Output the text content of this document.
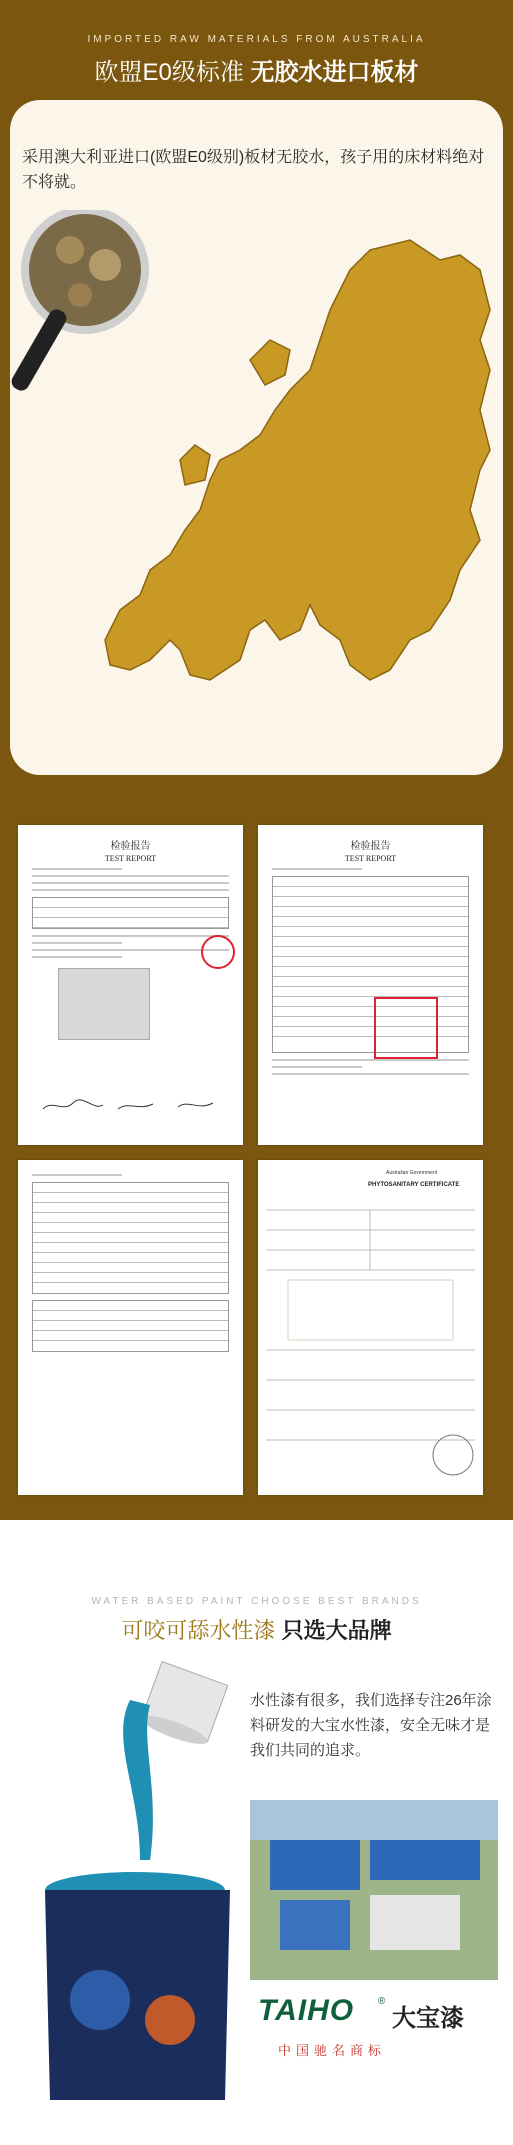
IMPORTED RAW MATERIALS FROM AUSTRALIA
欧盟E0级标准 无胶水进口板材
采用澳大利亚进口(欧盟E0级别)板材无胶水，孩子用的床材料绝对不将就。
检验报告
TEST REPORT
检验报告
TEST REPORT
Australian Government
PHYTOSANITARY CERTIFICATE
WATER BASED PAINT CHOOSE BEST BRANDS
可咬可舔水性漆 只选大品牌
水性漆有很多，我们选择专注26年涂料研发的大宝水性漆，安全无味才是我们共同的追求。
TAIHO ®
大宝漆
中国驰名商标
